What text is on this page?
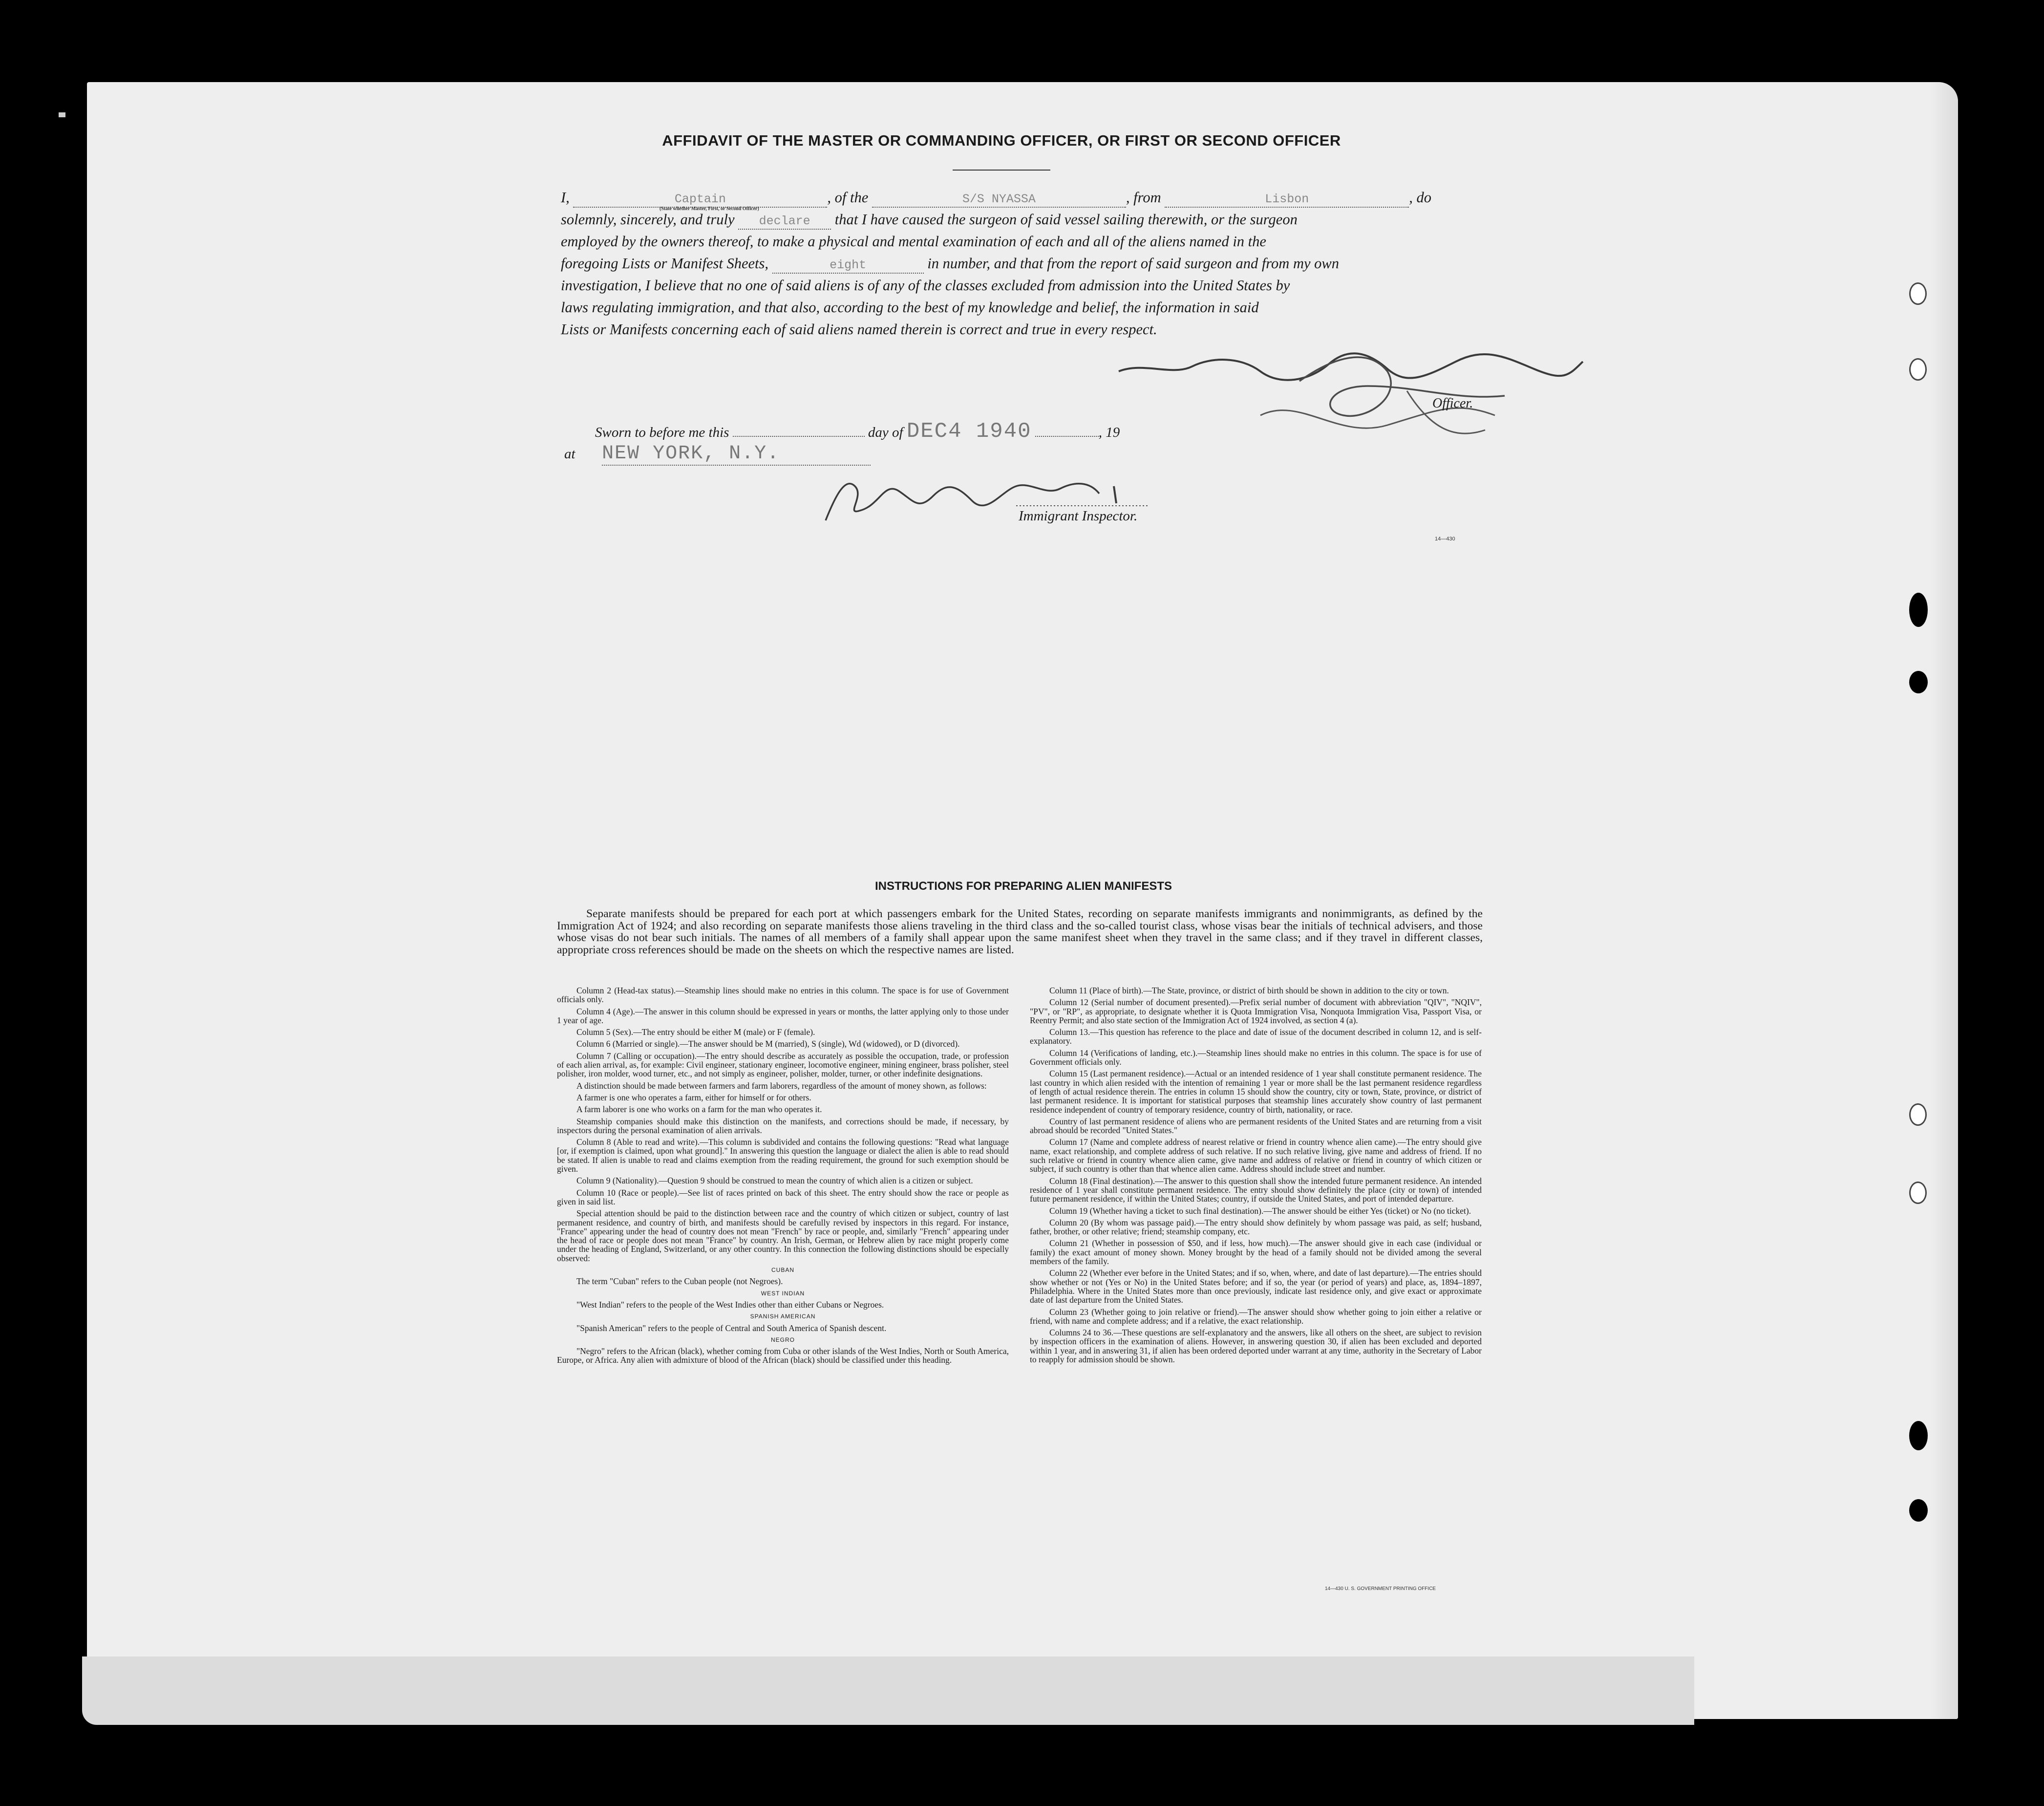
AFFIDAVIT OF THE MASTER OR COMMANDING OFFICER, OR FIRST OR SECOND OFFICER
I,	Captain	, of the	S/S NYASSA	, from	Lisbon	, do
solemnly, sincerely, and truly declare that I have caused the surgeon of said vessel sailing therewith, or the surgeon
employed by the owners thereof, to make a physical and mental examination of each and all of the aliens named in the
foregoing Lists or Manifest Sheets,	eight	in number, and that from the report of said surgeon and from my own
investigation, I believe that no one of said aliens is of any of the classes excluded from admission into the United States by
laws regulating immigration, and that also, according to the best of my knowledge and belief, the information in said
Lists or Manifests concerning each of said aliens named therein is correct and true in every respect.
(State whether Master, First, or Second Officer)
Officer.
Sworn to before me this	day of DEC4 1940	, 19
at NEW YORK, N.Y.
Immigrant Inspector.
14—430
INSTRUCTIONS FOR PREPARING ALIEN MANIFESTS
Separate manifests should be prepared for each port at which passengers embark for the United States, recording on separate manifests immigrants and nonimmigrants, as defined by the Immigration Act of 1924; and also recording on separate manifests those aliens traveling in the third class and the so-called tourist class, whose visas bear the initials of technical advisers, and those whose visas do not bear such initials. The names of all members of a family shall appear upon the same manifest sheet when they travel in the same class; and if they travel in different classes, appropriate cross references should be made on the sheets on which the respective names are listed.

Column 2 (Head-tax status).—Steamship lines should make no entries in this column. The space is for use of Government officials only.

Column 4 (Age).—The answer in this column should be expressed in years or months, the latter applying only to those under 1 year of age.

Column 5 (Sex).—The entry should be either M (male) or F (female).

Column 6 (Married or single).—The answer should be M (married), S (single), Wd (widowed), or D (divorced).

Column 7 (Calling or occupation).—The entry should describe as accurately as possible the occupation, trade, or profession of each alien arrival, as, for example: Civil engineer, stationary engineer, locomotive engineer, mining engineer, brass polisher, steel polisher, iron molder, wood turner, etc., and not simply as engineer, polisher, molder, turner, or other indefinite designations.

A distinction should be made between farmers and farm laborers, regardless of the amount of money shown, as follows:

A farmer is one who operates a farm, either for himself or for others.

A farm laborer is one who works on a farm for the man who operates it.

Steamship companies should make this distinction on the manifests, and corrections should be made, if necessary, by inspectors during the personal examination of alien arrivals.

Column 8 (Able to read and write).—This column is subdivided and contains the following questions: "Read what language [or, if exemption is claimed, upon what ground]." In answering this question the language or dialect the alien is able to read should be stated. If alien is unable to read and claims exemption from the reading requirement, the ground for such exemption should be given.

Column 9 (Nationality).—Question 9 should be construed to mean the country of which alien is a citizen or subject.

Column 10 (Race or people).—See list of races printed on back of this sheet. The entry should show the race or people as given in said list.

Special attention should be paid to the distinction between race and the country of which citizen or subject, country of last permanent residence, and country of birth, and manifests should be carefully revised by inspectors in this regard. For instance, "France" appearing under the head of country does not mean "French" by race or people, and, similarly "French" appearing under the head of race or people does not mean "France" by country. An Irish, German, or Hebrew alien by race might properly come under the heading of England, Switzerland, or any other country. In this connection the following distinctions should be especially observed:

CUBAN

The term "Cuban" refers to the Cuban people (not Negroes).

WEST INDIAN

"West Indian" refers to the people of the West Indies other than either Cubans or Negroes.

SPANISH AMERICAN

"Spanish American" refers to the people of Central and South America of Spanish descent.

NEGRO

"Negro" refers to the African (black), whether coming from Cuba or other islands of the West Indies, North or South America, Europe, or Africa. Any alien with admixture of blood of the African (black) should be classified under this heading.

Column 11 (Place of birth).—The State, province, or district of birth should be shown in addition to the city or town.

Column 12 (Serial number of document presented).—Prefix serial number of document with abbreviation "QIV", "NQIV", "PV", or "RP", as appropriate, to designate whether it is Quota Immigration Visa, Nonquota Immigration Visa, Passport Visa, or Reentry Permit; and also state section of the Immigration Act of 1924 involved, as section 4 (a).

Column 13.—This question has reference to the place and date of issue of the document described in column 12, and is self-explanatory.

Column 14 (Verifications of landing, etc.).—Steamship lines should make no entries in this column. The space is for use of Government officials only.

Column 15 (Last permanent residence).—Actual or an intended residence of 1 year shall constitute permanent residence. The last country in which alien resided with the intention of remaining 1 year or more shall be the last permanent residence regardless of length of actual residence therein. The entries in column 15 should show the country, city or town, State, province, or district of last permanent residence. It is important for statistical purposes that steamship lines accurately show country of last permanent residence independent of country of temporary residence, country of birth, nationality, or race.

Country of last permanent residence of aliens who are permanent residents of the United States and are returning from a visit abroad should be recorded "United States."

Column 17 (Name and complete address of nearest relative or friend in country whence alien came).—The entry should give name, exact relationship, and complete address of such relative. If no such relative living, give name and address of friend. If no such relative or friend in country whence alien came, give name and address of relative or friend in country of which citizen or subject, if such country is other than that whence alien came. Address should include street and number.

Column 18 (Final destination).—The answer to this question shall show the intended future permanent residence. An intended residence of 1 year shall constitute permanent residence. The entry should show definitely the place (city or town) of intended future permanent residence, if within the United States; country, if outside the United States, and port of intended departure.

Column 19 (Whether having a ticket to such final destination).—The answer should be either Yes (ticket) or No (no ticket).

Column 20 (By whom was passage paid).—The entry should show definitely by whom passage was paid, as self; husband, father, brother, or other relative; friend; steamship company, etc.

Column 21 (Whether in possession of $50, and if less, how much).—The answer should give in each case (individual or family) the exact amount of money shown. Money brought by the head of a family should not be divided among the several members of the family.

Column 22 (Whether ever before in the United States; and if so, when, where, and date of last departure).—The entries should show whether or not (Yes or No) in the United States before; and if so, the year (or period of years) and place, as, 1894–1897, Philadelphia. Where in the United States more than once previously, indicate last residence only, and give exact or approximate date of last departure from the United States.

Column 23 (Whether going to join relative or friend).—The answer should show whether going to join either a relative or friend, with name and complete address; and if a relative, the exact relationship.

Columns 24 to 36.—These questions are self-explanatory and the answers, like all others on the sheet, are subject to revision by inspection officers in the examination of aliens. However, in answering question 30, if alien has been excluded and deported within 1 year, and in answering 31, if alien has been ordered deported under warrant at any time, authority in the Secretary of Labor to reapply for admission should be shown.

14—430 U. S. GOVERNMENT PRINTING OFFICE
